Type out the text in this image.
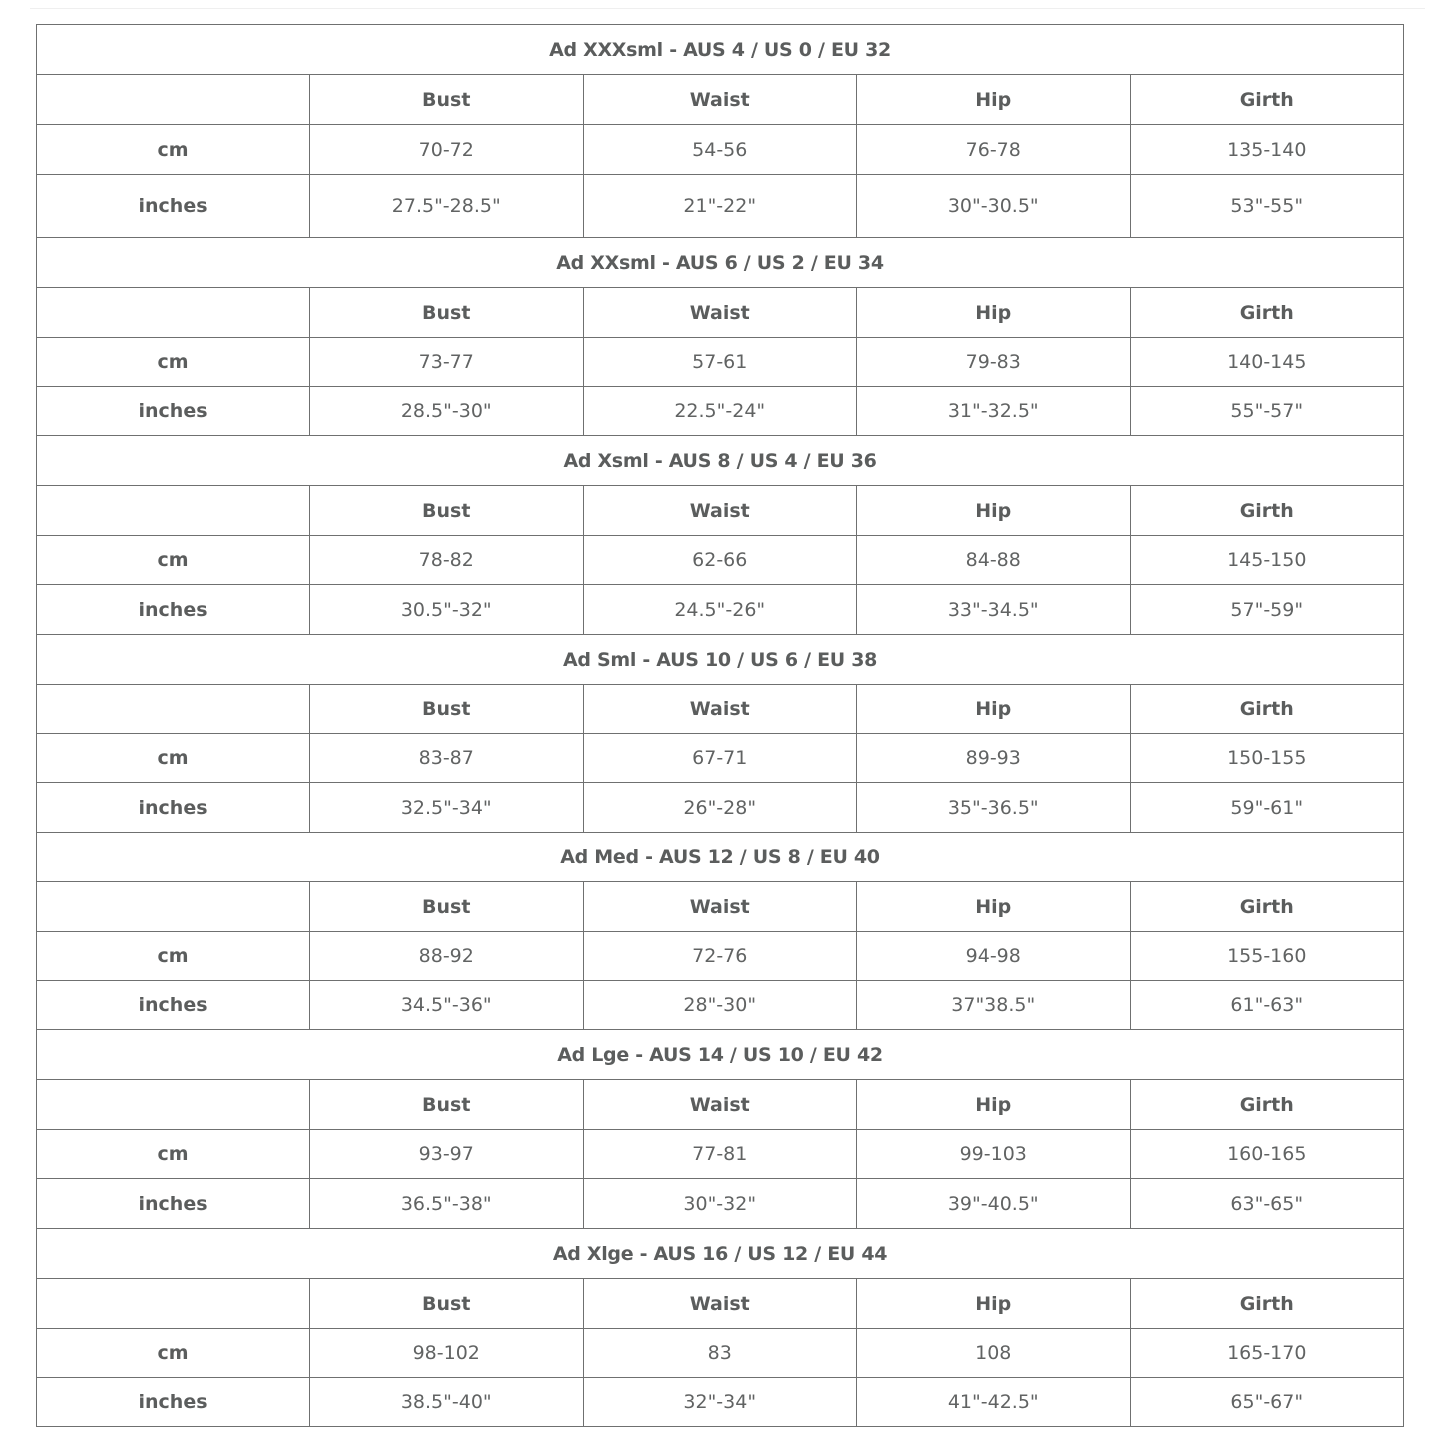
Ad XXXsml - AUS 4 / US 0 / EU 32				
	Bust	Waist	Hip	Girth
cm	70-72	54-56	76-78	135-140
inches	27.5"-28.5"	21"-22"	30"-30.5"	53"-55"
Ad XXsml - AUS 6 / US 2 / EU 34				
	Bust	Waist	Hip	Girth
cm	73-77	57-61	79-83	140-145
inches	28.5"-30"	22.5"-24"	31"-32.5"	55"-57"
Ad Xsml - AUS 8 / US 4 / EU 36				
	Bust	Waist	Hip	Girth
cm	78-82	62-66	84-88	145-150
inches	30.5"-32"	24.5"-26"	33"-34.5"	57"-59"
Ad Sml - AUS 10 / US 6 / EU 38				
	Bust	Waist	Hip	Girth
cm	83-87	67-71	89-93	150-155
inches	32.5"-34"	26"-28"	35"-36.5"	59"-61"
Ad Med - AUS 12 / US 8 / EU 40				
	Bust	Waist	Hip	Girth
cm	88-92	72-76	94-98	155-160
inches	34.5"-36"	28"-30"	37"38.5"	61"-63"
Ad Lge - AUS 14 / US 10 / EU 42				
	Bust	Waist	Hip	Girth
cm	93-97	77-81	99-103	160-165
inches	36.5"-38"	30"-32"	39"-40.5"	63"-65"
Ad Xlge - AUS 16 / US 12 / EU 44				
	Bust	Waist	Hip	Girth
cm	98-102	83	108	165-170
inches	38.5"-40"	32"-34"	41"-42.5"	65"-67"
